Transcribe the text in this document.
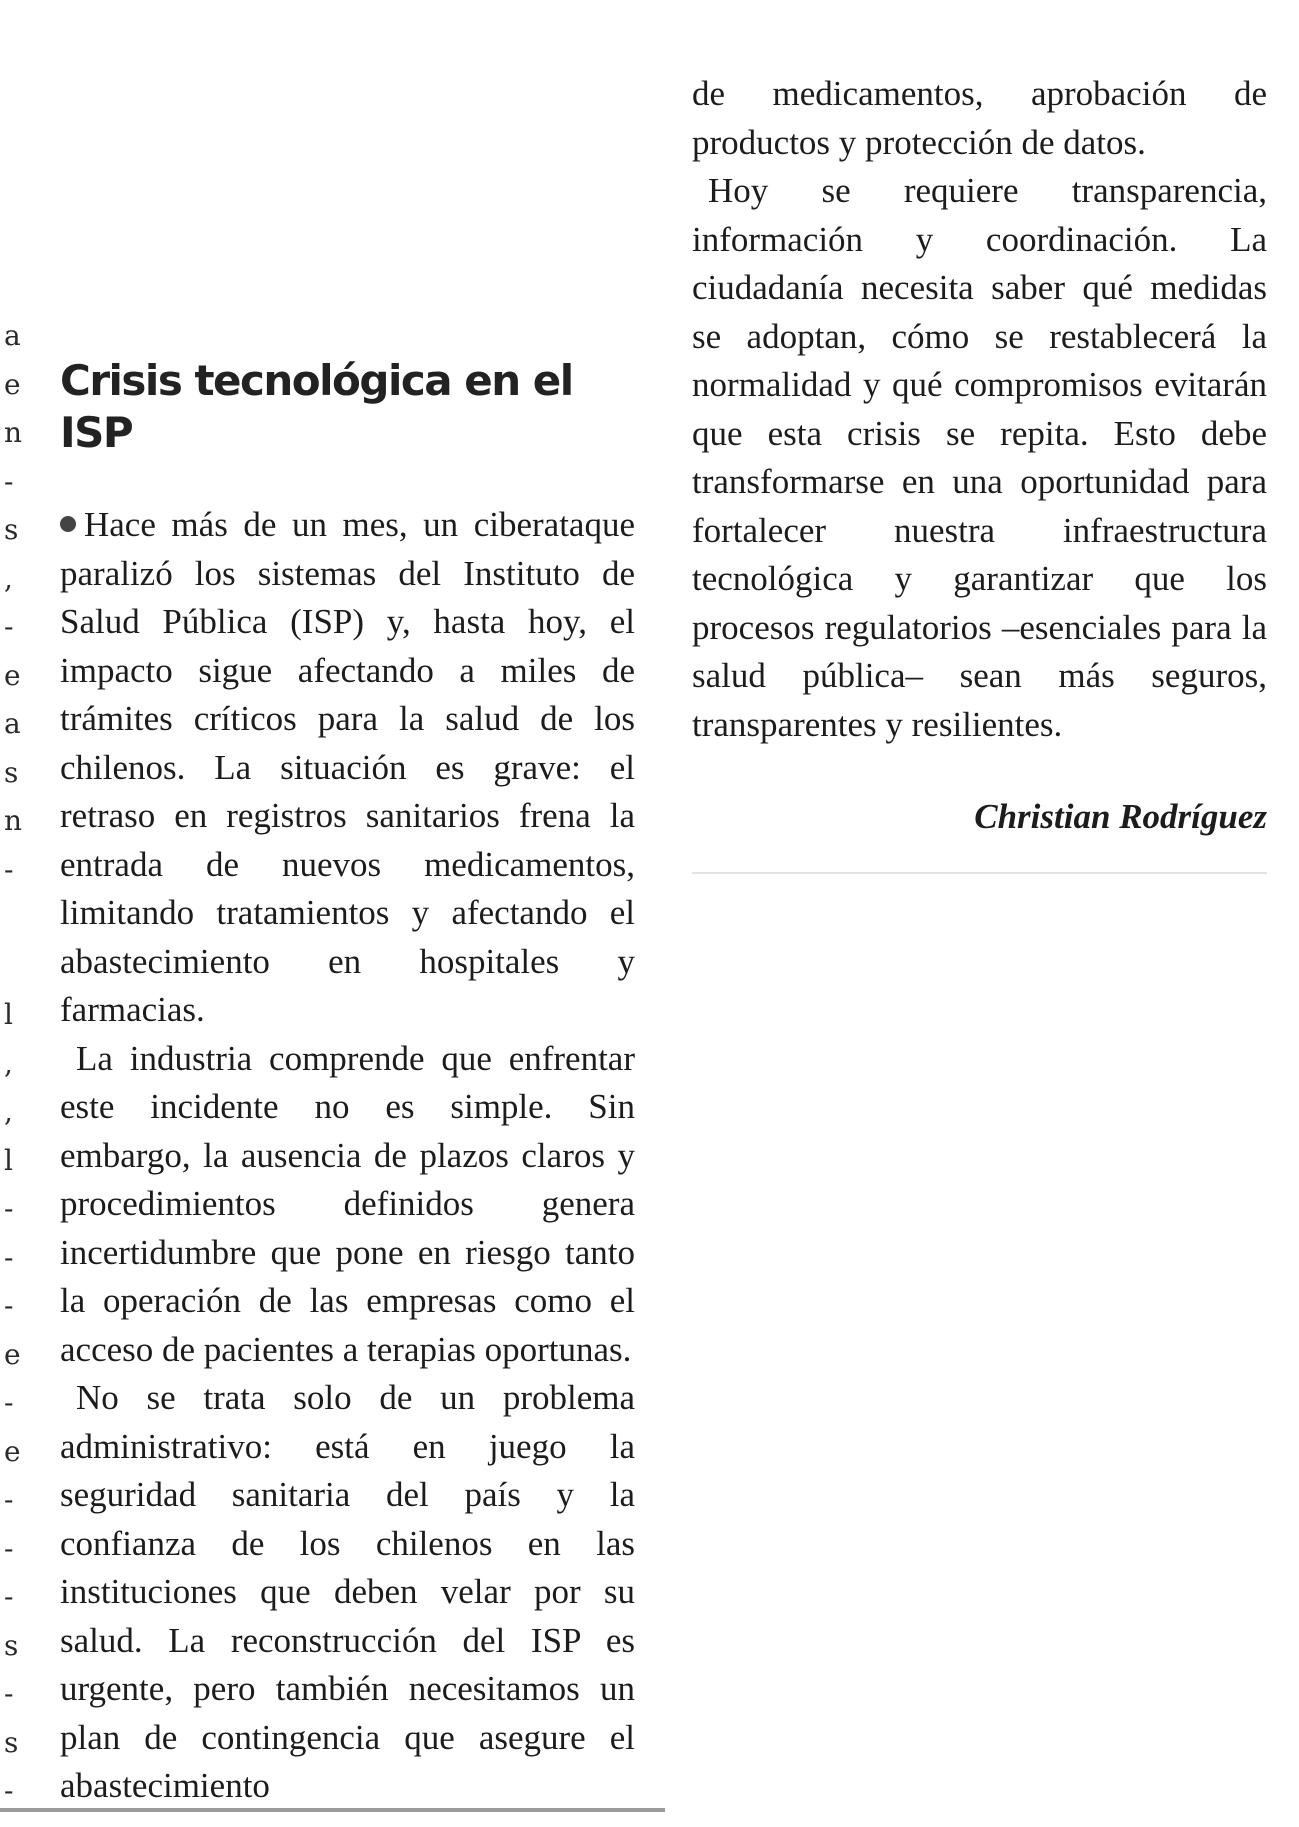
a
e
n
-
s
,
-
e
a
s
n
-
l
,
,
l
-
-
-
e
-
e
-
-
-
s
-
s
-
Crisis tecnológica en el ISP

Hace más de un mes, un ciberataque paralizó los sistemas del Instituto de Salud Pública (ISP) y, hasta hoy, el impacto sigue afectando a miles de trámites críticos para la salud de los chilenos. La situación es grave: el retraso en registros sanitarios frena la entrada de nuevos medicamentos, limitando tratamientos y afectando el abastecimiento en hospitales y farmacias.

La industria comprende que enfrentar este incidente no es simple. Sin embargo, la ausencia de plazos claros y procedimientos definidos genera incertidumbre que pone en riesgo tanto la operación de las empresas como el acceso de pacientes a terapias oportunas.

No se trata solo de un problema administrativo: está en juego la seguridad sanitaria del país y la confianza de los chilenos en las instituciones que deben velar por su salud. La reconstrucción del ISP es urgente, pero también necesitamos un plan de contingencia que asegure el abastecimiento

de medicamentos, aprobación de productos y protección de datos.

Hoy se requiere transparencia, información y coordinación. La ciudadanía necesita saber qué medidas se adoptan, cómo se restablecerá la normalidad y qué compromisos evitarán que esta crisis se repita. Esto debe transformarse en una oportunidad para fortalecer nuestra infraestructura tecnológica y garantizar que los procesos regulatorios –esenciales para la salud pública– sean más seguros, transparentes y resilientes.

Christian Rodríguez
